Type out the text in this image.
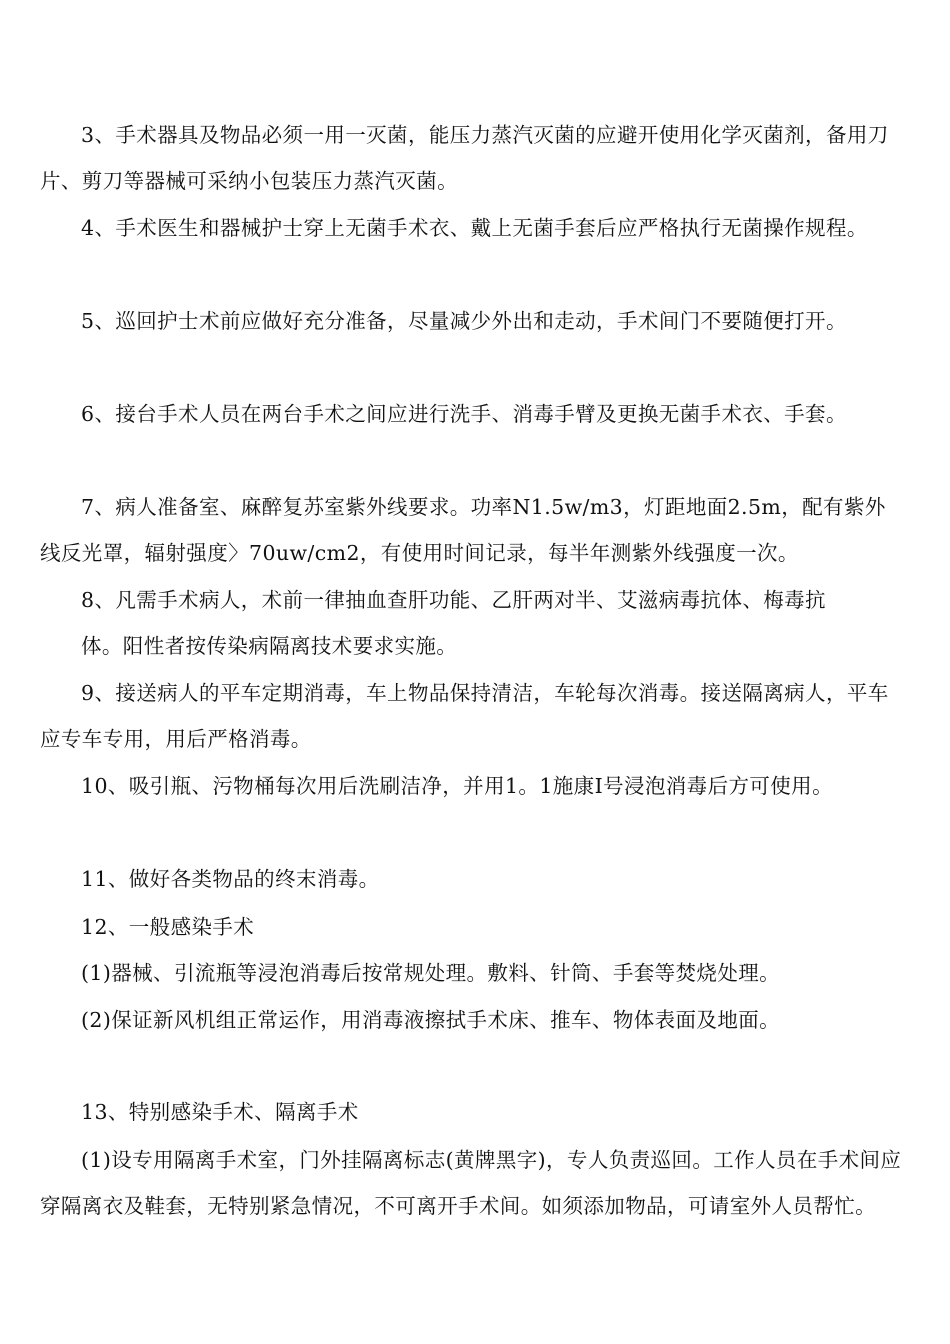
3、手术器具及物品必须一用一灭菌，能压力蒸汽灭菌的应避开使用化学灭菌剂，备用刀片、剪刀等器械可采纳小包装压力蒸汽灭菌。

4、手术医生和器械护士穿上无菌手术衣、戴上无菌手套后应严格执行无菌操作规程。

5、巡回护士术前应做好充分准备，尽量减少外出和走动，手术间门不要随便打开。

6、接台手术人员在两台手术之间应进行洗手、消毒手臂及更换无菌手术衣、手套。

7、病人准备室、麻醉复苏室紫外线要求。功率N1.5w/m3，灯距地面2.5m，配有紫外线反光罩，辐射强度〉70uw/cm2，有使用时间记录，每半年测紫外线强度一次。

8、凡需手术病人，术前一律抽血查肝功能、乙肝两对半、艾滋病毒抗体、梅毒抗

体。阳性者按传染病隔离技术要求实施。

9、接送病人的平车定期消毒，车上物品保持清洁，车轮每次消毒。接送隔离病人，平车应专车专用，用后严格消毒。

10、吸引瓶、污物桶每次用后洗刷洁净，并用1。1施康I号浸泡消毒后方可使用。

11、做好各类物品的终末消毒。

12、一般感染手术

(1)器械、引流瓶等浸泡消毒后按常规处理。敷料、针筒、手套等焚烧处理。

(2)保证新风机组正常运作，用消毒液擦拭手术床、推车、物体表面及地面。

13、特别感染手术、隔离手术

(1)设专用隔离手术室，门外挂隔离标志(黄牌黑字)，专人负责巡回。工作人员在手术间应穿隔离衣及鞋套，无特别紧急情况，不可离开手术间。如须添加物品，可请室外人员帮忙。
